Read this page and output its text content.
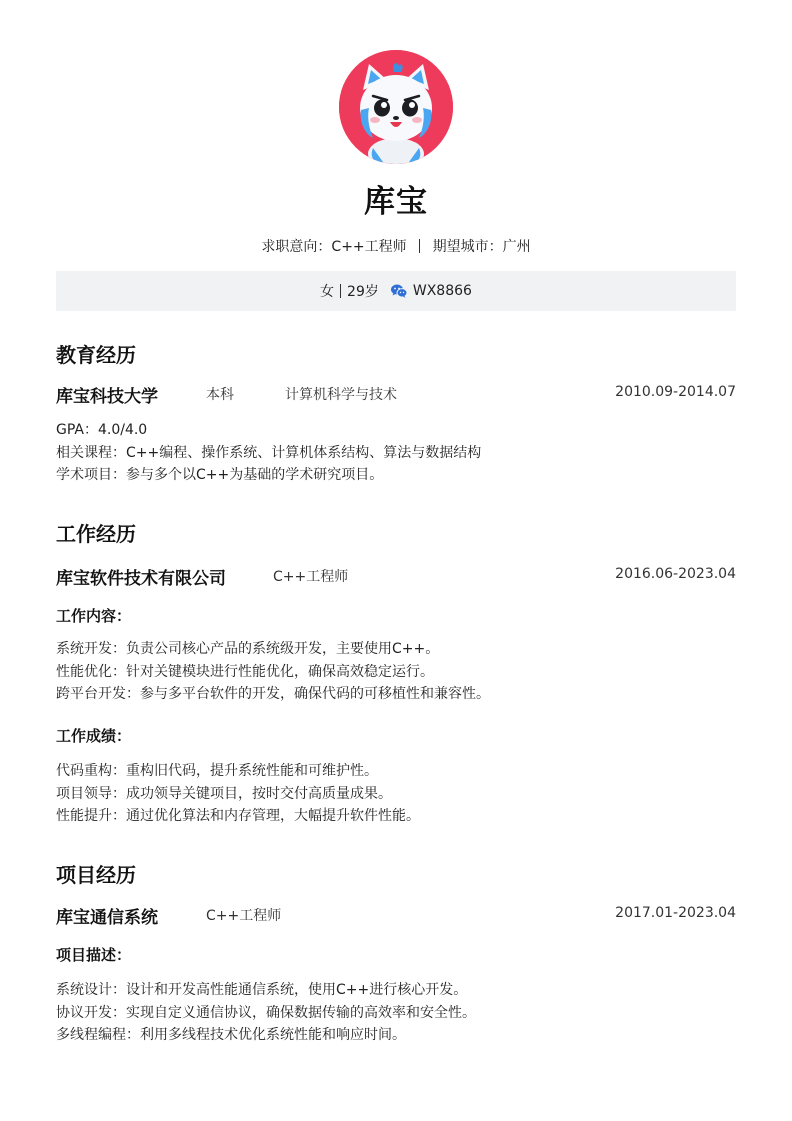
库宝
求职意向：C++工程师 期望城市：广州
女 29岁 WX8866
教育经历
库宝科技大学	本科	计算机科学与技术	2010.09-2014.07
GPA：4.0/4.0
相关课程：C++编程、操作系统、计算机体系结构、算法与数据结构
学术项目：参与多个以C++为基础的学术研究项目。
工作经历
库宝软件技术有限公司	C++工程师	2016.06-2023.04
工作内容：
系统开发：负责公司核心产品的系统级开发，主要使用C++。
性能优化：针对关键模块进行性能优化，确保高效稳定运行。
跨平台开发：参与多平台软件的开发，确保代码的可移植性和兼容性。
工作成绩：
代码重构：重构旧代码，提升系统性能和可维护性。
项目领导：成功领导关键项目，按时交付高质量成果。
性能提升：通过优化算法和内存管理，大幅提升软件性能。
项目经历
库宝通信系统	C++工程师	2017.01-2023.04
项目描述：
系统设计：设计和开发高性能通信系统，使用C++进行核心开发。
协议开发：实现自定义通信协议，确保数据传输的高效率和安全性。
多线程编程：利用多线程技术优化系统性能和响应时间。
